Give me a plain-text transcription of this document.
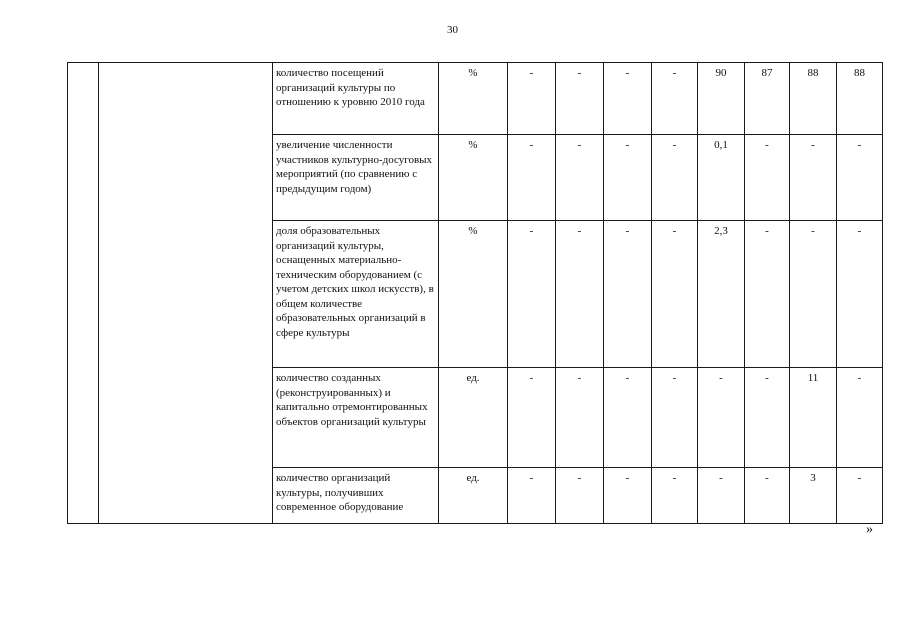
30
		количество посещений организаций культуры по отношению к уровню 2010 года	%	-	-	-	-	90	87	88	88
		увеличение численности участников культурно-досуговых мероприятий (по сравнению с предыдущим годом)	%	-	-	-	-	0,1	-	-	-
		доля образовательных организаций культуры, оснащенных материально-техническим оборудованием (с учетом детских школ искусств), в общем количестве образовательных организаций в сфере культуры	%	-	-	-	-	2,3	-	-	-
		количество созданных (реконструированных) и капитально отремонтированных объектов организаций культуры	ед.	-	-	-	-	-	-	11	-
		количество организаций культуры, получивших современное оборудование	ед.	-	-	-	-	-	-	3	-
»
